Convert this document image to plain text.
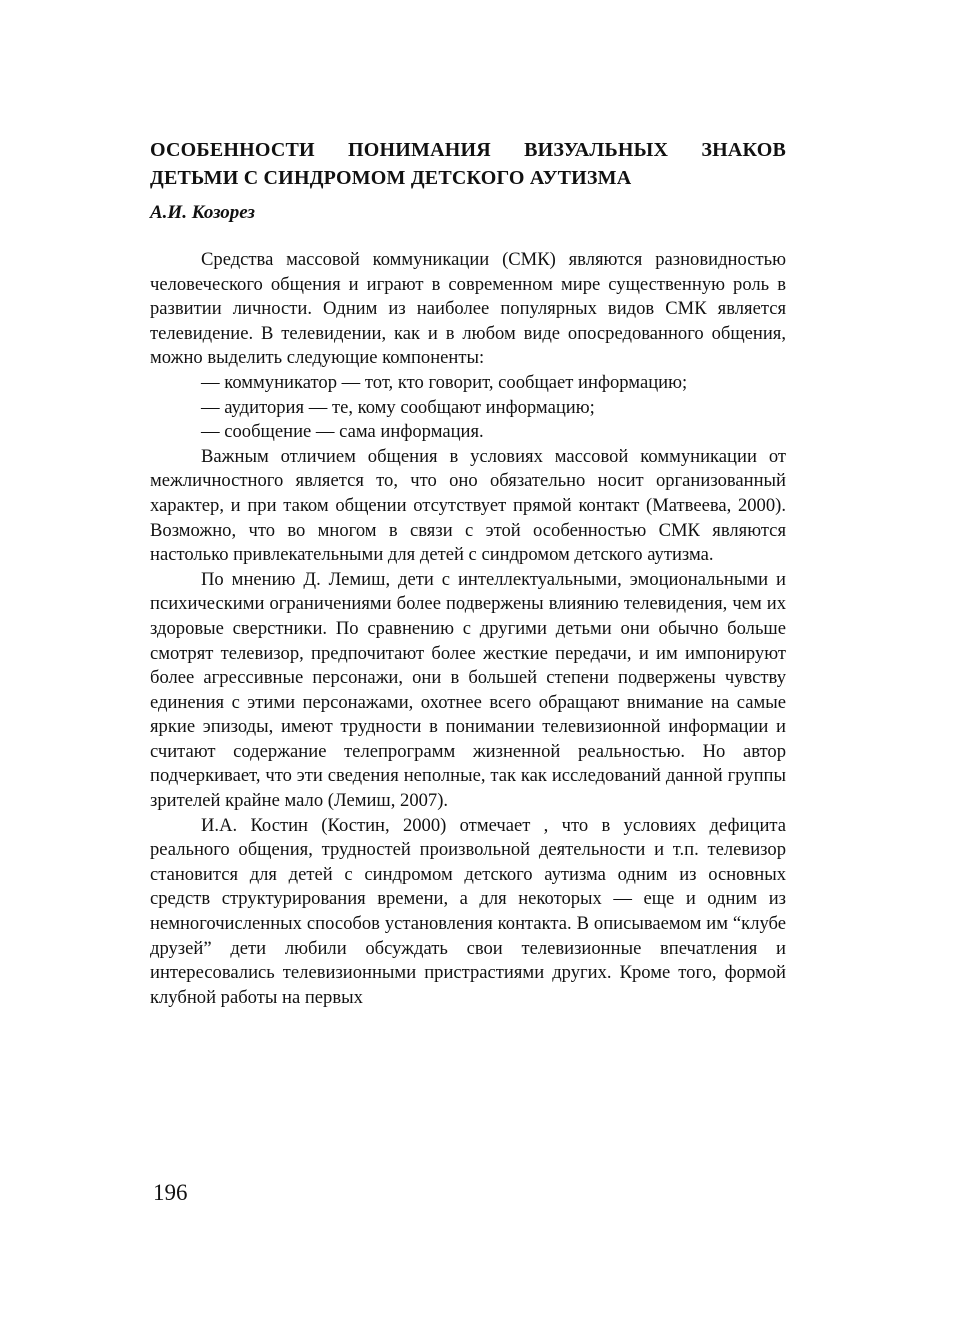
ОСОБЕННОСТИ ПОНИМАНИЯ ВИЗУАЛЬНЫХ ЗНАКОВ
ДЕТЬМИ С СИНДРОМОМ ДЕТСКОГО АУТИЗМА
А.И. Козорез

Средства массовой коммуникации (СМК) являются разновидностью человеческого общения и играют в современном мире существенную роль в развитии личности. Одним из наиболее популярных видов СМК является телевидение. В телевидении, как и в любом виде опосредованного общения, можно выделить следующие компоненты:

— коммуникатор — тот, кто говорит, сообщает информацию;

— аудитория — те, кому сообщают информацию;

— сообщение — сама информация.

Важным отличием общения в условиях массовой коммуникации от межличностного является то, что оно обязательно носит организованный характер, и при таком общении отсутствует прямой контакт (Матвеева, 2000). Возможно, что во многом в связи с этой особенностью СМК являются настолько привлекательными для детей с синдромом детского аутизма.

По мнению Д. Лемиш, дети с интеллектуальными, эмоциональными и психическими ограничениями более подвержены влиянию телевидения, чем их здоровые сверстники. По сравнению с другими детьми они обычно больше смотрят телевизор, предпочитают более жесткие передачи, и им импонируют более агрессивные персонажи, они в большей степени подвержены чувству единения с этими персонажами, охотнее всего обращают внимание на самые яркие эпизоды, имеют трудности в понимании телевизионной информации и считают содержание телепрограмм жизненной реальностью. Но автор подчеркивает, что эти сведения неполные, так как исследований данной группы зрителей крайне мало (Лемиш, 2007).

И.А. Костин (Костин, 2000) отмечает , что в условиях дефицита реального общения, трудностей произвольной деятельности и т.п. телевизор становится для детей с синдромом детского аутизма одним из основных средств структурирования времени, а для некоторых — еще и одним из немногочисленных способов установления контакта. В описываемом им “клубе друзей” дети любили обсуждать свои телевизионные впечатления и интересовались телевизионными пристрастиями других. Кроме того, формой клубной работы на первых

196
